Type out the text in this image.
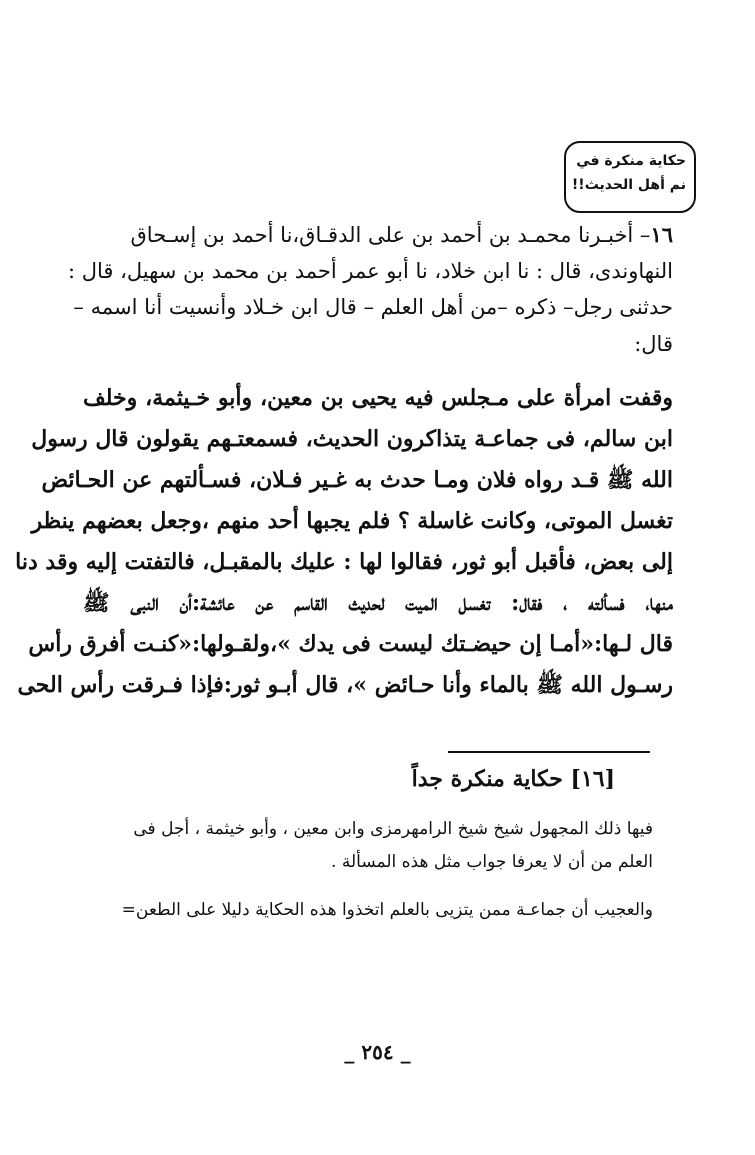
حكاية منكرة في
نم أهل الحديث!!
١٦– أخبـرنا محمـد بن أحمد بن على الدقـاق،نا أحمد بن إسـحاق
النهاوندى، قال : نا ابن خلاد، نا أبو عمر أحمد بن محمد بن سهيل، قال :
حدثنى رجل– ذكره –من أهل العلم – قال ابن خـلاد وأنسيت أنا اسمه –
قال:
وقفت امرأة على مـجلس فيه يحيى بن معين، وأبو خـيثمة، وخلف
ابن سالم، فى جماعـة يتذاكرون الحديث، فسمعتـهم يقولون قال رسول
الله ﷺ قـد رواه فلان ومـا حدث به غـير فـلان، فسـألتهم عن الحـائض
تغسل الموتى، وكانت غاسلة ؟ فلم يجبها أحد منهم ،وجعل بعضهم ينظر
إلى بعض، فأقبل أبو ثور، فقالوا لها : عليك بالمقبـل، فالتفتت إليه وقد دنا
منها، فسألته ، فقال: تغسل الميت لحديث القاسم عن عائشة:أن النبى ﷺ
قال لـها:«أمـا إن حيضـتك ليست فى يدك »،ولقـولها:«كنـت أفرق رأس
رسـول الله ﷺ بالماء وأنا حـائض »، قال أبـو ثور:فإذا فـرقت رأس الحى
[١٦] حكاية منكرة جداً
فيها ذلك المجهول شيخ شيخ الرامهرمزى وابن معين ، وأبو خيثمة ، أجل فى
العلم من أن لا يعرفا جواب مثل هذه المسألة .
والعجيب أن جماعـة ممن يتزيى بالعلم اتخذوا هذه الحكاية دليلا على الطعن=
_ ٢٥٤ _
